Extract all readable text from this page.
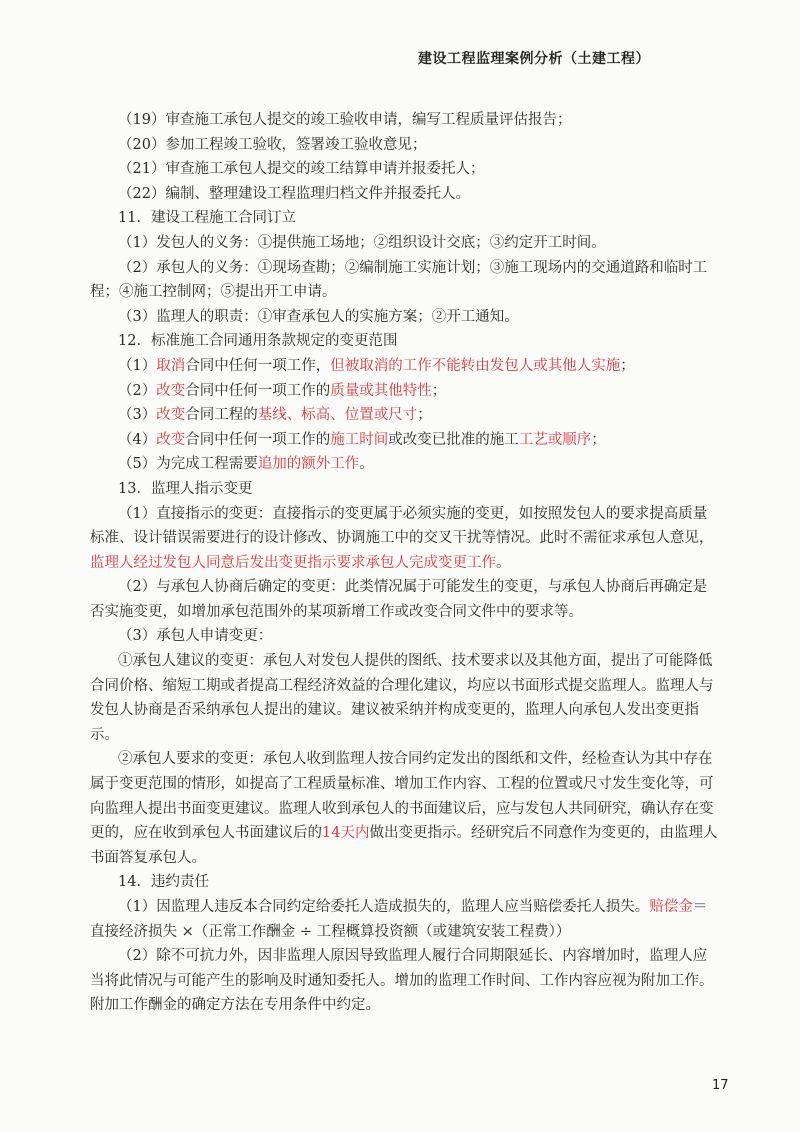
建设工程监理案例分析（土建工程）

（19）审查施工承包人提交的竣工验收申请，编写工程质量评估报告；

（20）参加工程竣工验收，签署竣工验收意见；

（21）审查施工承包人提交的竣工结算申请并报委托人；

（22）编制、整理建设工程监理归档文件并报委托人。

11．建设工程施工合同订立

（1）发包人的义务：①提供施工场地；②组织设计交底；③约定开工时间。

（2）承包人的义务：①现场查勘；②编制施工实施计划；③施工现场内的交通道路和临时工程；④施工控制网；⑤提出开工申请。

（3）监理人的职责：①审查承包人的实施方案；②开工通知。

12．标准施工合同通用条款规定的变更范围

（1）取消合同中任何一项工作，但被取消的工作不能转由发包人或其他人实施；

（2）改变合同中任何一项工作的质量或其他特性；

（3）改变合同工程的基线、标高、位置或尺寸；

（4）改变合同中任何一项工作的施工时间或改变已批准的施工工艺或顺序；

（5）为完成工程需要追加的额外工作。

13．监理人指示变更

（1）直接指示的变更：直接指示的变更属于必须实施的变更，如按照发包人的要求提高质量标准、设计错误需要进行的设计修改、协调施工中的交叉干扰等情况。此时不需征求承包人意见，监理人经过发包人同意后发出变更指示要求承包人完成变更工作。

（2）与承包人协商后确定的变更：此类情况属于可能发生的变更，与承包人协商后再确定是否实施变更，如增加承包范围外的某项新增工作或改变合同文件中的要求等。

（3）承包人申请变更：

①承包人建议的变更：承包人对发包人提供的图纸、技术要求以及其他方面，提出了可能降低合同价格、缩短工期或者提高工程经济效益的合理化建议，均应以书面形式提交监理人。监理人与发包人协商是否采纳承包人提出的建议。建议被采纳并构成变更的，监理人向承包人发出变更指示。

②承包人要求的变更：承包人收到监理人按合同约定发出的图纸和文件，经检查认为其中存在属于变更范围的情形，如提高了工程质量标准、增加工作内容、工程的位置或尺寸发生变化等，可向监理人提出书面变更建议。监理人收到承包人的书面建议后，应与发包人共同研究，确认存在变更的，应在收到承包人书面建议后的14天内做出变更指示。经研究后不同意作为变更的，由监理人书面答复承包人。

14．违约责任

（1）因监理人违反本合同约定给委托人造成损失的，监理人应当赔偿委托人损失。赔偿金＝直接经济损失 ×（正常工作酬金 ÷ 工程概算投资额（或建筑安装工程费））

（2）除不可抗力外，因非监理人原因导致监理人履行合同期限延长、内容增加时，监理人应当将此情况与可能产生的影响及时通知委托人。增加的监理工作时间、工作内容应视为附加工作。附加工作酬金的确定方法在专用条件中约定。

17
